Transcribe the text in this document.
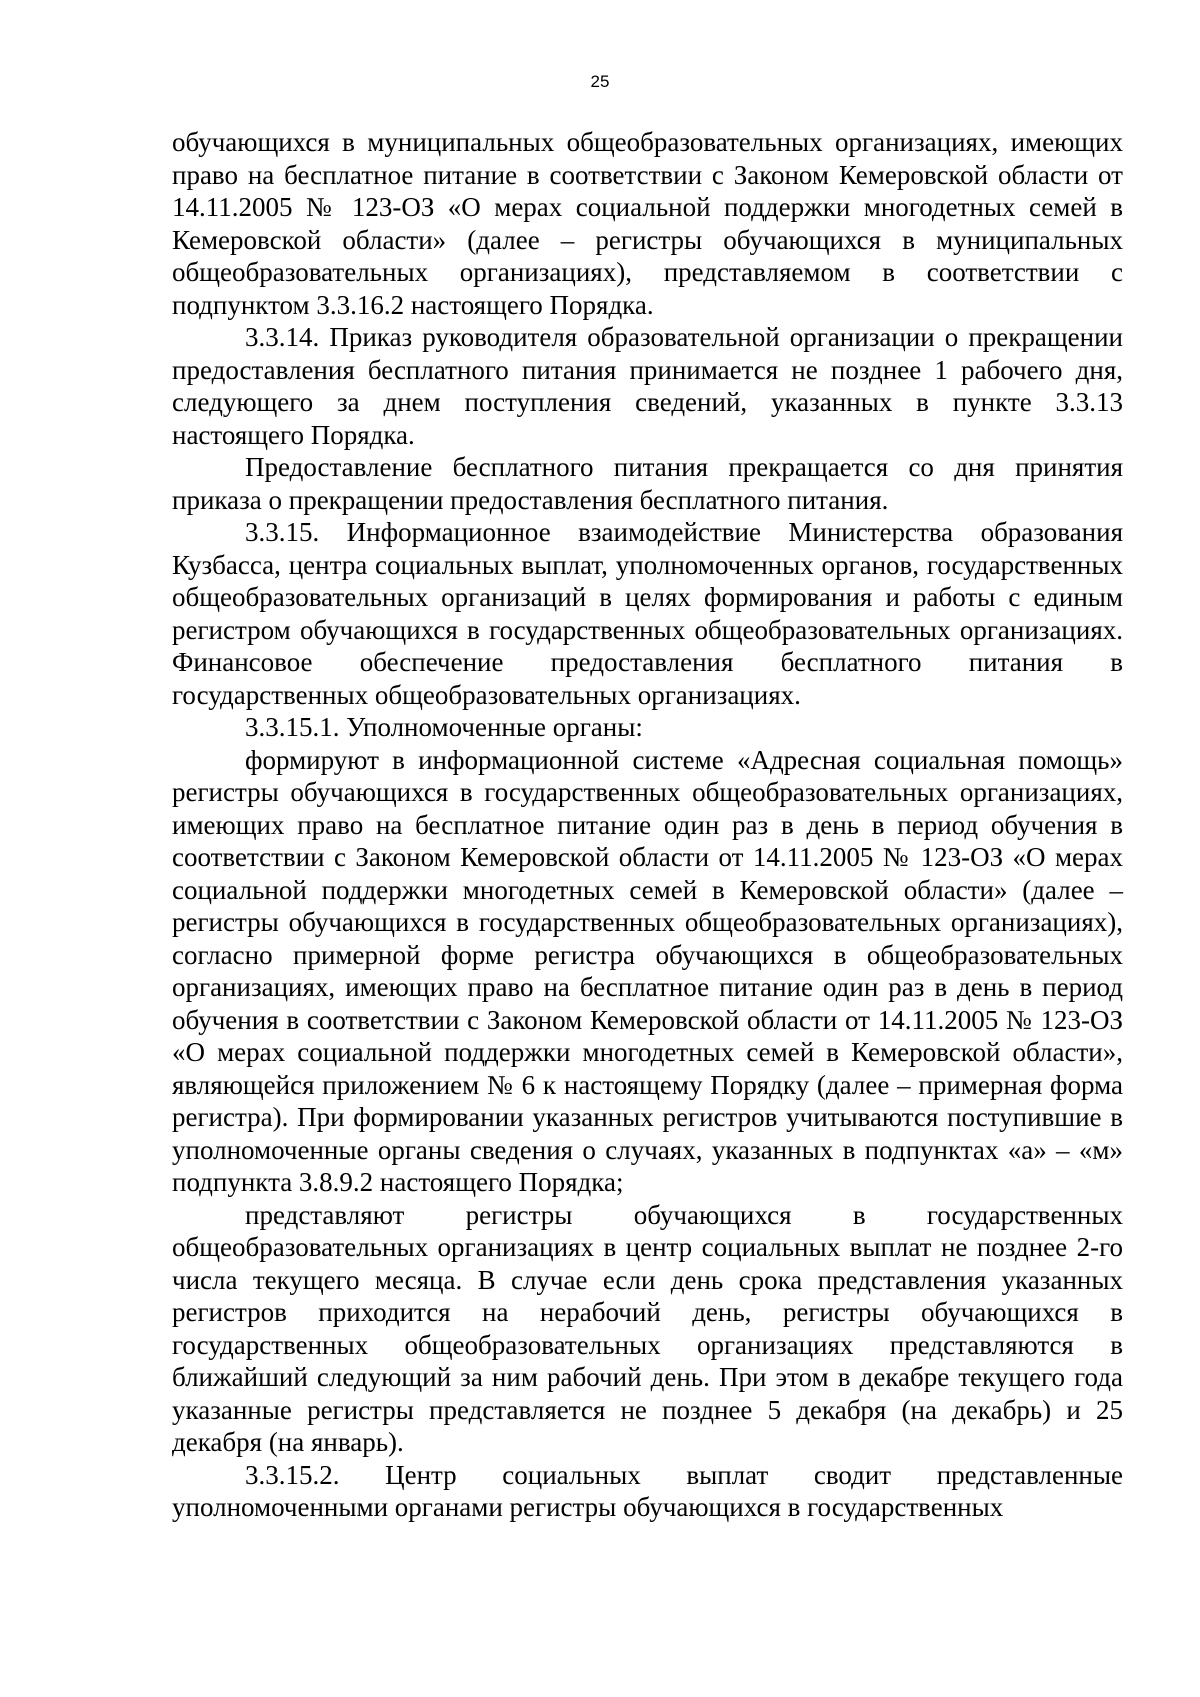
25

обучающихся в муниципальных общеобразовательных организациях, имеющих право на бесплатное питание в соответствии с Законом Кемеровской области от 14.11.2005 № 123-ОЗ «О мерах социальной поддержки многодетных семей в Кемеровской области» (далее – регистры обучающихся в муниципальных общеобразовательных организациях), представляемом в соответствии с подпунктом 3.3.16.2 настоящего Порядка.

3.3.14. Приказ руководителя образовательной организации о прекращении предоставления бесплатного питания принимается не позднее 1 рабочего дня, следующего за днем поступления сведений, указанных в пункте 3.3.13 настоящего Порядка.

Предоставление бесплатного питания прекращается со дня принятия приказа о прекращении предоставления бесплатного питания.

3.3.15. Информационное взаимодействие Министерства образования Кузбасса, центра социальных выплат, уполномоченных органов, государственных общеобразовательных организаций в целях формирования и работы с единым регистром обучающихся в государственных общеобразовательных организациях. Финансовое обеспечение предоставления бесплатного питания в государственных общеобразовательных организациях.

3.3.15.1. Уполномоченные органы:

формируют в информационной системе «Адресная социальная помощь» регистры обучающихся в государственных общеобразовательных организациях, имеющих право на бесплатное питание один раз в день в период обучения в соответствии с Законом Кемеровской области от 14.11.2005 № 123-ОЗ «О мерах социальной поддержки многодетных семей в Кемеровской области» (далее – регистры обучающихся в государственных общеобразовательных организациях), согласно примерной форме регистра обучающихся в общеобразовательных организациях, имеющих право на бесплатное питание один раз в день в период обучения в соответствии с Законом Кемеровской области от 14.11.2005 № 123-ОЗ «О мерах социальной поддержки многодетных семей в Кемеровской области», являющейся приложением № 6 к настоящему Порядку (далее – примерная форма регистра). При формировании указанных регистров учитываются поступившие в уполномоченные органы сведения о случаях, указанных в подпунктах «а» – «м» подпункта 3.8.9.2 настоящего Порядка;

представляют регистры обучающихся в государственных общеобразовательных организациях в центр социальных выплат не позднее 2-го числа текущего месяца. В случае если день срока представления указанных регистров приходится на нерабочий день, регистры обучающихся в государственных общеобразовательных организациях представляются в ближайший следующий за ним рабочий день. При этом в декабре текущего года указанные регистры представляется не позднее 5 декабря (на декабрь) и 25 декабря (на январь).

3.3.15.2. Центр социальных выплат сводит представленные уполномоченными органами регистры обучающихся в государственных
